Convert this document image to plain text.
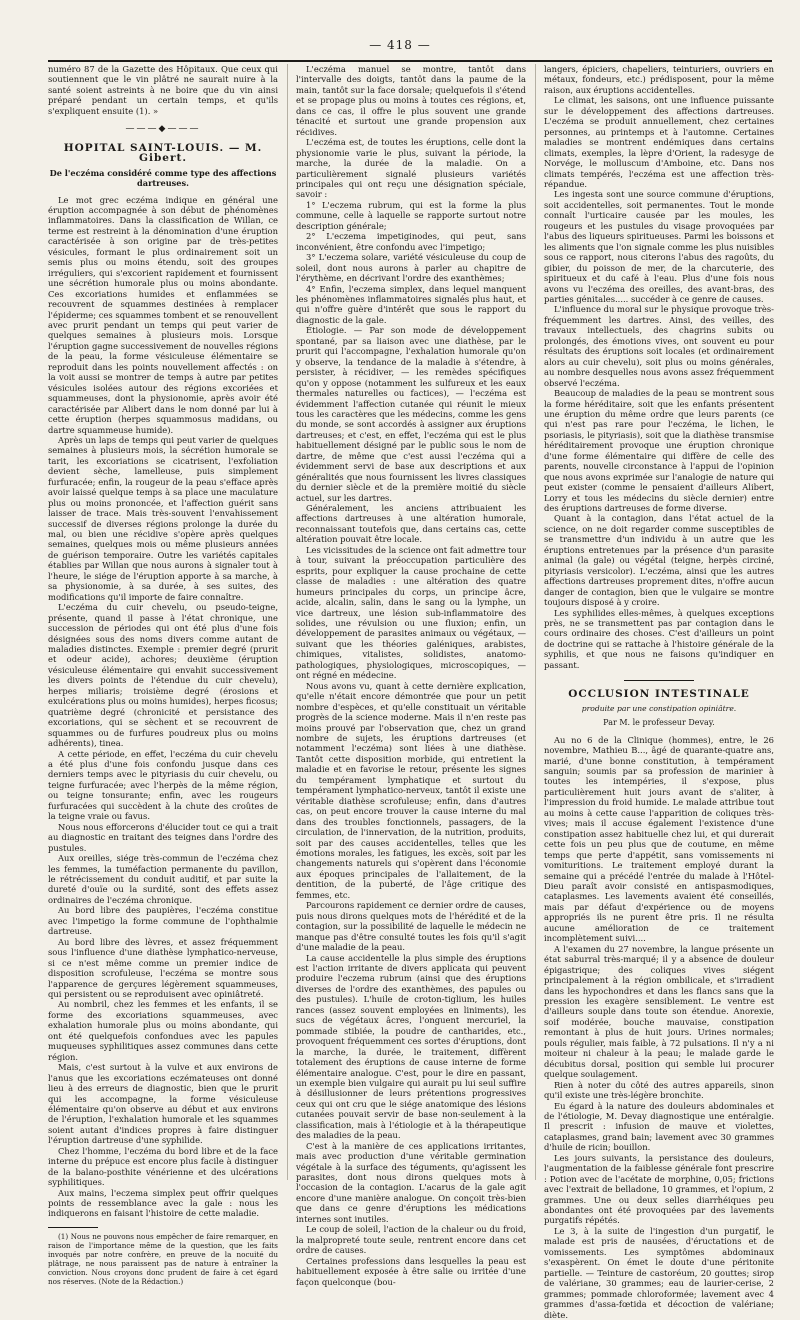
— 418 —

numéro 87 de la Gazette des Hôpitaux. Que ceux qui soutiennent que le vin plâtré ne saurait nuire à la santé soient astreints à ne boire que du vin ainsi préparé pendant un certain temps, et qu'ils s'expliquent ensuite (1). »

———◆———
HOPITAL SAINT-LOUIS. — M. Gibert.
De l'eczéma considéré comme type des affections dartreuses.

Le mot grec eczéma indique en général une éruption accompagnée à son début de phénomènes inflammatoires. Dans la classification de Willan, ce terme est restreint à la dénomination d'une éruption caractérisée à son origine par de très-petites vésicules, formant le plus ordinairement soit un semis plus ou moins étendu, soit des groupes irréguliers, qui s'excorient rapidement et fournissent une sécrétion humorale plus ou moins abondante. Ces excoriations humides et enflammées se recouvrent de squammes destinées à remplacer l'épiderme; ces squammes tombent et se renouvellent avec prurit pendant un temps qui peut varier de quelques semaines à plusieurs mois. Lorsque l'éruption gagne successivement de nouvelles régions de la peau, la forme vésiculeuse élémentaire se reproduit dans les points nouvellement affectés : on la voit aussi se montrer de temps à autre par petites vésicules isolées autour des régions excoriées et squammeuses, dont la physionomie, après avoir été caractérisée par Alibert dans le nom donné par lui à cette éruption (herpes squammosus madidans, ou dartre squammeuse humide).

Après un laps de temps qui peut varier de quelques semaines à plusieurs mois, la sécrétion humorale se tarit, les excoriations se cicatrisent, l'exfoliation devient sèche, lamelleuse, puis simplement furfuracée; enfin, la rougeur de la peau s'efface après avoir laissé quelque temps à sa place une maculature plus ou moins prononcée, et l'affection guérit sans laisser de trace. Mais très-souvent l'envahissement successif de diverses régions prolonge la durée du mal, ou bien une récidive s'opère après quelques semaines, quelques mois ou même plusieurs années de guérison temporaire. Outre les variétés capitales établies par Willan que nous aurons à signaler tout à l'heure, le siége de l'éruption apporte à sa marche, à sa physionomie, à sa durée, à ses suites, des modifications qu'il importe de faire connaître.

L'eczéma du cuir chevelu, ou pseudo-teigne, présente, quand il passe à l'état chronique, une succession de périodes qui ont été plus d'une fois désignées sous des noms divers comme autant de maladies distinctes. Exemple : premier degré (prurit et odeur acide), achores; deuxième (éruption vésiculeuse élémentaire qui envahit successivement les divers points de l'étendue du cuir chevelu), herpes miliaris; troisième degré (érosions et exulcérations plus ou moins humides), herpes ficosus; quatrième degré (chronicité et persistance des excoriations, qui se sèchent et se recouvrent de squammes ou de furfures poudreux plus ou moins adhérents), tinea.

A cette période, en effet, l'eczéma du cuir chevelu a été plus d'une fois confondu jusque dans ces derniers temps avec le pityriasis du cuir chevelu, ou teigne furfuracée; avec l'herpès de la même région, ou teigne tonsurante; enfin, avec les rougeurs furfuracées qui succèdent à la chute des croûtes de la teigne vraie ou favus.

Nous nous efforcerons d'élucider tout ce qui a trait au diagnostic en traitant des teignes dans l'ordre des pustules.

Aux oreilles, siége très-commun de l'eczéma chez les femmes, la tuméfaction permanente du pavillon, le rétrécissement du conduit auditif, et par suite la dureté d'ouïe ou la surdité, sont des effets assez ordinaires de l'eczéma chronique.

Au bord libre des paupières, l'eczéma constitue avec l'impetigo la forme commune de l'ophthalmie dartreuse.

Au bord libre des lèvres, et assez fréquemment sous l'influence d'une diathèse lymphatico-nerveuse, si ce n'est même comme un premier indice de disposition scrofuleuse, l'eczéma se montre sous l'apparence de gerçures légèrement squammeuses, qui persistent ou se reproduisent avec opiniâtreté.

Au nombril, chez les femmes et les enfants, il se forme des excoriations squammeuses, avec exhalation humorale plus ou moins abondante, qui ont été quelquefois confondues avec les papules muqueuses syphilitiques assez communes dans cette région.

Mais, c'est surtout à la vulve et aux environs de l'anus que les excoriations eczémateuses ont donné lieu à des erreurs de diagnostic, bien que le prurit qui les accompagne, la forme vésiculeuse élémentaire qu'on observe au début et aux environs de l'éruption, l'exhalation humorale et les squammes soient autant d'indices propres à faire distinguer l'éruption dartreuse d'une syphilide.

Chez l'homme, l'eczéma du bord libre et de la face interne du prépuce est encore plus facile à distinguer de la balano-posthite vénérienne et des ulcérations syphilitiques.

Aux mains, l'eczema simplex peut offrir quelques points de ressemblance avec la gale : nous les indiquerons en faisant l'histoire de cette maladie.

(1) Nous ne pouvons nous empêcher de faire remarquer, en raison de l'importance même de la question, que les faits invoqués par notre confrère, en preuve de la nocuité du plâtrage, ne nous paraissent pas de nature à entraîner la conviction. Nous croyons donc prudent de faire à cet égard nos réserves. (Note de la Rédaction.)

L'eczéma manuel se montre, tantôt dans l'intervalle des doigts, tantôt dans la paume de la main, tantôt sur la face dorsale; quelquefois il s'étend et se propage plus ou moins à toutes ces régions, et, dans ce cas, il offre le plus souvent une grande ténacité et surtout une grande propension aux récidives.

L'eczéma est, de toutes les éruptions, celle dont la physionomie varie le plus, suivant la période, la marche, la durée de la maladie. On a particulièrement signalé plusieurs variétés principales qui ont reçu une désignation spéciale, savoir :

1° L'eczema rubrum, qui est la forme la plus commune, celle à laquelle se rapporte surtout notre description générale;

2° L'eczema impetiginodes, qui peut, sans inconvénient, être confondu avec l'impetigo;

3° L'eczema solare, variété vésiculeuse du coup de soleil, dont nous aurons à parler au chapitre de l'érythème, en décrivant l'ordre des exanthèmes;

4° Enfin, l'eczema simplex, dans lequel manquent les phénomènes inflammatoires signalés plus haut, et qui n'offre guère d'intérêt que sous le rapport du diagnostic de la gale.

Étiologie. — Par son mode de développement spontané, par sa liaison avec une diathèse, par le prurit qui l'accompagne, l'exhalation humorale qu'on y observe, la tendance de la maladie à s'étendre, à persister, à récidiver, — les remèdes spécifiques qu'on y oppose (notamment les sulfureux et les eaux thermales naturelles ou factices), — l'eczéma est évidemment l'affection cutanée qui réunit le mieux tous les caractères que les médecins, comme les gens du monde, se sont accordés à assigner aux éruptions dartreuses; et c'est, en effet, l'eczéma qui est le plus habituellement désigné par le public sous le nom de dartre, de même que c'est aussi l'eczéma qui a évidemment servi de base aux descriptions et aux généralités que nous fournissent les livres classiques du dernier siècle et de la première moitié du siècle actuel, sur les dartres.

Généralement, les anciens attribuaient les affections dartreuses à une altération humorale, reconnaissant toutefois que, dans certains cas, cette altération pouvait être locale.

Les vicissitudes de la science ont fait admettre tour à tour, suivant la préoccupation particulière des esprits, pour expliquer la cause prochaine de cette classe de maladies : une altération des quatre humeurs principales du corps, un principe âcre, acide, alcalin, salin, dans le sang ou la lymphe, un vice dartreux, une lésion sub-inflammatoire des solides, une révulsion ou une fluxion; enfin, un développement de parasites animaux ou végétaux, — suivant que les théories galéniques, arabistes, chimiques, vitalistes, solidistes, anatomo-pathologiques, physiologiques, microscopiques, — ont régné en médecine.

Nous avons vu, quant à cette dernière explication, qu'elle n'était encore démontrée que pour un petit nombre d'espèces, et qu'elle constituait un véritable progrès de la science moderne. Mais il n'en reste pas moins prouvé par l'observation que, chez un grand nombre de sujets, les éruptions dartreuses (et notamment l'eczéma) sont liées à une diathèse. Tantôt cette disposition morbide, qui entretient la maladie et en favorise le retour, présente les signes du tempérament lymphatique et surtout du tempérament lymphatico-nerveux, tantôt il existe une véritable diathèse scrofuleuse; enfin, dans d'autres cas, on peut encore trouver la cause interne du mal dans des troubles fonctionnels, passagers, de la circulation, de l'innervation, de la nutrition, produits, soit par des causes accidentelles, telles que les émotions morales, les fatigues, les excès, soit par les changements naturels qui s'opèrent dans l'économie aux époques principales de l'allaitement, de la dentition, de la puberté, de l'âge critique des femmes, etc.

Parcourons rapidement ce dernier ordre de causes, puis nous dirons quelques mots de l'hérédité et de la contagion, sur la possibilité de laquelle le médecin ne manque pas d'être consulté toutes les fois qu'il s'agit d'une maladie de la peau.

La cause accidentelle la plus simple des éruptions est l'action irritante de divers applicata qui peuvent produire l'eczema rubrum (ainsi que des éruptions diverses de l'ordre des exanthèmes, des papules ou des pustules). L'huile de croton-tiglium, les huiles rances (assez souvent employées en liniments), les sucs de végétaux âcres, l'onguent mercuriel, la pommade stibiée, la poudre de cantharides, etc., provoquent fréquemment ces sortes d'éruptions, dont la marche, la durée, le traitement, diffèrent totalement des éruptions de cause interne de forme élémentaire analogue. C'est, pour le dire en passant, un exemple bien vulgaire qui aurait pu lui seul suffire à désillusionner de leurs prétentions progressives ceux qui ont cru que le siége anatomique des lésions cutanées pouvait servir de base non-seulement à la classification, mais à l'étiologie et à la thérapeutique des maladies de la peau.

C'est à la manière de ces applications irritantes, mais avec production d'une véritable germination végétale à la surface des téguments, qu'agissent les parasites, dont nous dirons quelques mots à l'occasion de la contagion. L'acarus de la gale agit encore d'une manière analogue. On conçoit très-bien que dans ce genre d'éruptions les médications internes sont inutiles.

Le coup de soleil, l'action de la chaleur ou du froid, la malpropreté toute seule, rentrent encore dans cet ordre de causes.

Certaines professions dans lesquelles la peau est habituellement exposée à être salie ou irritée d'une façon quelconque (bou-

langers, épiciers, chapeliers, teinturiers, ouvriers en métaux, fondeurs, etc.) prédisposent, pour la même raison, aux éruptions accidentelles.

Le climat, les saisons, ont une influence puissante sur le développement des affections dartreuses. L'eczéma se produit annuellement, chez certaines personnes, au printemps et à l'automne. Certaines maladies se montrent endémiques dans certains climats, exemples, la lèpre d'Orient, la radesyge de Norvége, le molluscum d'Amboine, etc. Dans nos climats tempérés, l'eczéma est une affection très-répandue.

Les ingesta sont une source commune d'éruptions, soit accidentelles, soit permanentes. Tout le monde connaît l'urticaire causée par les moules, les rougeurs et les pustules du visage provoquées par l'abus des liqueurs spiritueuses. Parmi les boissons et les aliments que l'on signale comme les plus nuisibles sous ce rapport, nous citerons l'abus des ragoûts, du gibier, du poisson de mer, de la charcuterie, des spiritueux et du café à l'eau. Plus d'une fois nous avons vu l'eczéma des oreilles, des avant-bras, des parties génitales..... succéder à ce genre de causes.

L'influence du moral sur le physique provoque très-fréquemment les dartres. Ainsi, des veilles, des travaux intellectuels, des chagrins subits ou prolongés, des émotions vives, ont souvent eu pour résultats des éruptions soit locales (et ordinairement alors au cuir chevelu), soit plus ou moins générales, au nombre desquelles nous avons assez fréquemment observé l'eczéma.

Beaucoup de maladies de la peau se montrent sous la forme héréditaire, soit que les enfants présentent une éruption du même ordre que leurs parents (ce qui n'est pas rare pour l'eczéma, le lichen, le psoriasis, le pityriasis), soit que la diathèse transmise héréditairement provoque une éruption chronique d'une forme élémentaire qui diffère de celle des parents, nouvelle circonstance à l'appui de l'opinion que nous avons exprimée sur l'analogie de nature qui peut exister (comme le pensaient d'ailleurs Alibert, Lorry et tous les médecins du siècle dernier) entre des éruptions dartreuses de forme diverse.

Quant à la contagion, dans l'état actuel de la science, on ne doit regarder comme susceptibles de se transmettre d'un individu à un autre que les éruptions entretenues par la présence d'un parasite animal (la gale) ou végétal (teigne, herpès circiné, pityriasis versicolor). L'eczéma, ainsi que les autres affections dartreuses proprement dites, n'offre aucun danger de contagion, bien que le vulgaire se montre toujours disposé à y croire.

Les syphilides elles-mêmes, à quelques exceptions près, ne se transmettent pas par contagion dans le cours ordinaire des choses. C'est d'ailleurs un point de doctrine qui se rattache à l'histoire générale de la syphilis, et que nous ne faisons qu'indiquer en passant.

OCCLUSION INTESTINALE
produite par une constipation opiniâtre.
Par M. le professeur Devay.

Au no 6 de la Clinique (hommes), entre, le 26 novembre, Mathieu B..., âgé de quarante-quatre ans, marié, d'une bonne constitution, à tempérament sanguin; soumis par sa profession de marinier à toutes les intempéries, il s'expose, plus particulièrement huit jours avant de s'aliter, à l'impression du froid humide. Le malade attribue tout au moins à cette cause l'apparition de coliques très-vives; mais il accuse également l'existence d'une constipation assez habituelle chez lui, et qui durerait cette fois un peu plus que de coutume, en même temps que perte d'appétit, sans vomissements ni vomituritions. Le traitement employé durant la semaine qui a précédé l'entrée du malade à l'Hôtel-Dieu paraît avoir consisté en antispasmodiques, cataplasmes. Les lavements avaient été conseillés, mais par défaut d'expérience ou de moyens appropriés ils ne purent être pris. Il ne résulta aucune amélioration de ce traitement incomplètement suivi....

A l'examen du 27 novembre, la langue présente un état saburral très-marqué; il y a absence de douleur épigastrique; des coliques vives siégent principalement à la région ombilicale, et s'irradient dans les hypochondres et dans les flancs sans que la pression les exagère sensiblement. Le ventre est d'ailleurs souple dans toute son étendue. Anorexie, soif modérée, bouche mauvaise, constipation remontant à plus de huit jours. Urines normales; pouls régulier, mais faible, à 72 pulsations. Il n'y a ni moiteur ni chaleur à la peau; le malade garde le décubitus dorsal, position qui semble lui procurer quelque soulagement.

Rien à noter du côté des autres appareils, sinon qu'il existe une très-légère bronchite.

Eu égard à la nature des douleurs abdominales et de l'étiologie, M. Devay diagnostique une entéralgie. Il prescrit : infusion de mauve et violettes, cataplasmes, grand bain; lavement avec 30 grammes d'huile de ricin; bouillon.

Les jours suivants, la persistance des douleurs, l'augmentation de la faiblesse générale font prescrire : Potion avec de l'acétate de morphine, 0,05; frictions avec l'extrait de belladone, 10 grammes, et l'opium, 2 grammes. Une ou deux selles diarrhéiques peu abondantes ont été provoquées par des lavements purgatifs répétés.

Le 3, à la suite de l'ingestion d'un purgatif, le malade est pris de nausées, d'éructations et de vomissements. Les symptômes abdominaux s'exaspèrent. On émet le doute d'une péritonite partielle. — Teinture de castoréum, 20 gouttes; sirop de valériane, 30 grammes; eau de laurier-cerise, 2 grammes; pommade chloroformée; lavement avec 4 grammes d'assa-fœtida et décoction de valériane; diète.
